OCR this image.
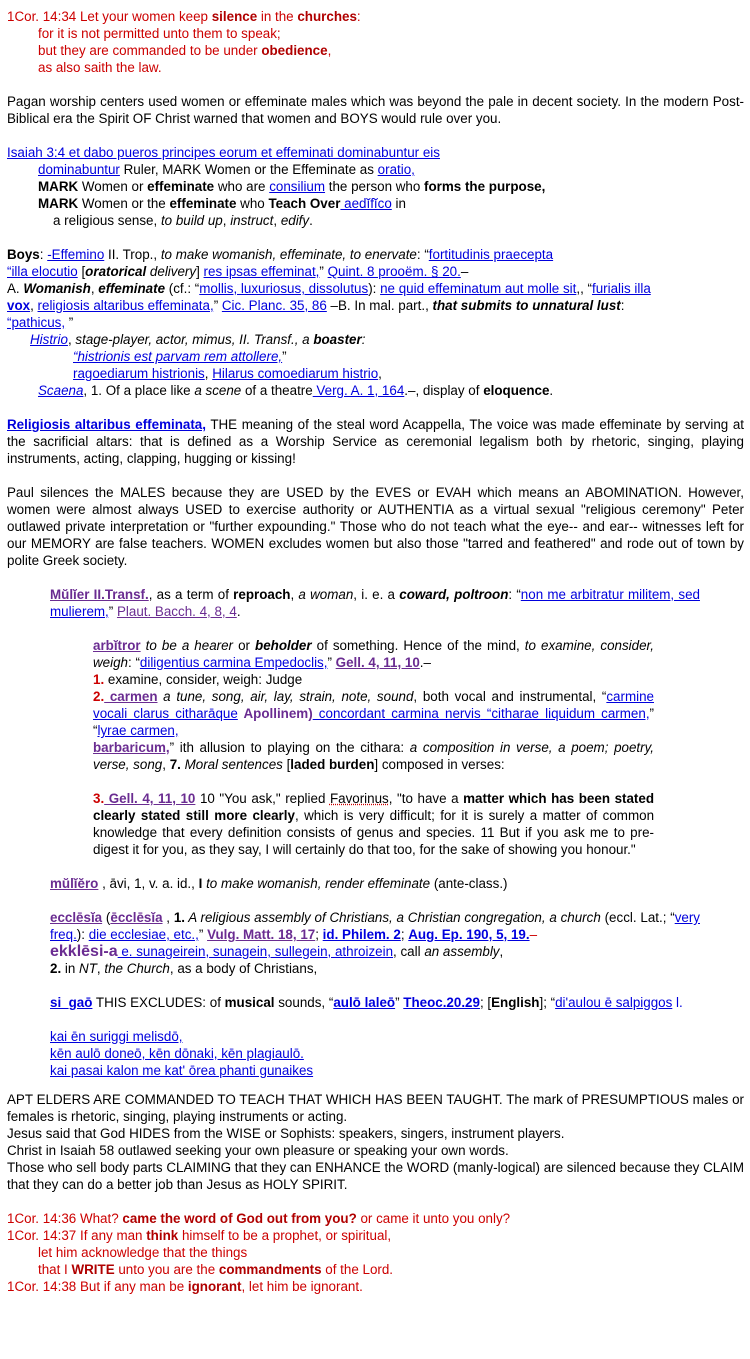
1Cor. 14:34 Let your women keep silence in the churches:

for it is not permitted unto them to speak;

but they are commanded to be under obedience,

as also saith the law.

Pagan worship centers used women or effeminate males which was beyond the pale in decent society. In the modern Post-Biblical era the Spirit OF Christ warned that women and BOYS would rule over you.

Isaiah 3:4 et dabo pueros principes eorum et effeminati dominabuntur eis

dominabuntur Ruler, MARK Women or the Effeminate as oratio,

MARK Women or effeminate who are consilium the person who forms the purpose,

MARK Women or the effeminate who Teach Over aedĭfĭco in

a religious sense, to build up, instruct, edify.

Boys: -Effemino II. Trop., to make womanish, effeminate, to enervate: “fortitudinis praecepta

“illa elocutio [oratorical delivery] res ipsas effeminat,” Quint. 8 prooëm. § 20.–

A. Womanish, effeminate (cf.: “mollis, luxuriosus, dissolutus): ne quid effeminatum aut molle sit,, “furialis illa

vox, religiosis altaribus effeminata,” Cic. Planc. 35, 86 –B. In mal. part., that submits to unnatural lust:

“pathicus, ”

Histrio, stage-player, actor, mimus, II. Transf., a boaster:

“histrionis est parvam rem attollere,”

ragoediarum histrionis, Hilarus comoediarum histrio,

Scaena, 1. Of a place like a scene of a theatre Verg. A. 1, 164.–, display of eloquence.

Religiosis altaribus effeminata, THE meaning of the steal word Acappella, The voice was made effeminate by serving at the sacrificial altars: that is defined as a Worship Service as ceremonial legalism both by rhetoric, singing, playing instruments, acting, clapping, hugging or kissing!

Paul silences the MALES because they are USED by the EVES or EVAH which means an ABOMINATION. However, women were almost always USED to exercise authority or AUTHENTIA as a virtual sexual "religious ceremony" Peter outlawed private interpretation or "further expounding." Those who do not teach what the eye-- and ear-- witnesses left for our MEMORY are false teachers. WOMEN excludes women but also those "tarred and feathered" and rode out of town by polite Greek society.

Mŭlĭer II.Transf., as a term of reproach, a woman, i. e. a coward, poltroon: “non me arbitratur militem, sed mulierem,” Plaut. Bacch. 4, 8, 4.

arbĭtror to be a hearer or beholder of something. Hence of the mind, to examine, consider, weigh: “diligentius carmina Empedoclis,” Gell. 4, 11, 10.–

1. examine, consider, weigh: Judge

2. carmen a tune, song, air, lay, strain, note, sound, both vocal and instrumental, “carmine vocali clarus citharāque Apollinem) concordant carmina nervis “citharae liquidum carmen,” “lyrae carmen,
barbaricum,” ith allusion to playing on the cithara: a composition in verse, a poem; poetry, verse, song, 7. Moral sentences [laded burden] composed in verses:

3. Gell. 4, 11, 10 10 "You ask," replied Favorinus, "to have a matter which has been stated clearly stated still more clearly, which is very difficult; for it is surely a matter of common knowledge that every definition consists of genus and species. 11 But if you ask me to pre-digest it for you, as they say, I will certainly do that too, for the sake of showing you honour."

mŭlĭĕro , āvi, 1, v. a. id., I to make womanish, render effeminate (ante-class.)

ecclēsĭa (ēcclēsĭa , 1. A religious assembly of Christians, a Christian congregation, a church (eccl. Lat.; “very freq.): die ecclesiae, etc.,” Vulg. Matt. 18, 17; id. Philem. 2; Aug. Ep. 190, 5, 19.–

ekklēsi-a e. sunageirein, sunagein, sullegein, athroizein, call an assembly,

2. in NT, the Church, as a body of Christians,

si_gaō THIS EXCLUDES: of musical sounds, “aulō laleō” Theoc.20.29; [English]; “di'aulou ē salpiggos l.

kai ēn suriggi melisdō,

kēn aulō doneō, kēn dōnaki, kēn plagiaulō.

kai pasai kalon me kat' ōrea phanti gunaikes

APT ELDERS ARE COMMANDED TO TEACH THAT WHICH HAS BEEN TAUGHT. The mark of PRESUMPTIOUS males or females is rhetoric, singing, playing instruments or acting.

Jesus said that God HIDES from the WISE or Sophists: speakers, singers, instrument players.

Christ in Isaiah 58 outlawed seeking your own pleasure or speaking your own words.

Those who sell body parts CLAIMING that they can ENHANCE the WORD (manly-logical) are silenced because they CLAIM that they can do a better job than Jesus as HOLY SPIRIT.

1Cor. 14:36 What? came the word of God out from you? or came it unto you only?

1Cor. 14:37 If any man think himself to be a prophet, or spiritual,

let him acknowledge that the things

that I WRITE unto you are the commandments of the Lord.

1Cor. 14:38 But if any man be ignorant, let him be ignorant.
